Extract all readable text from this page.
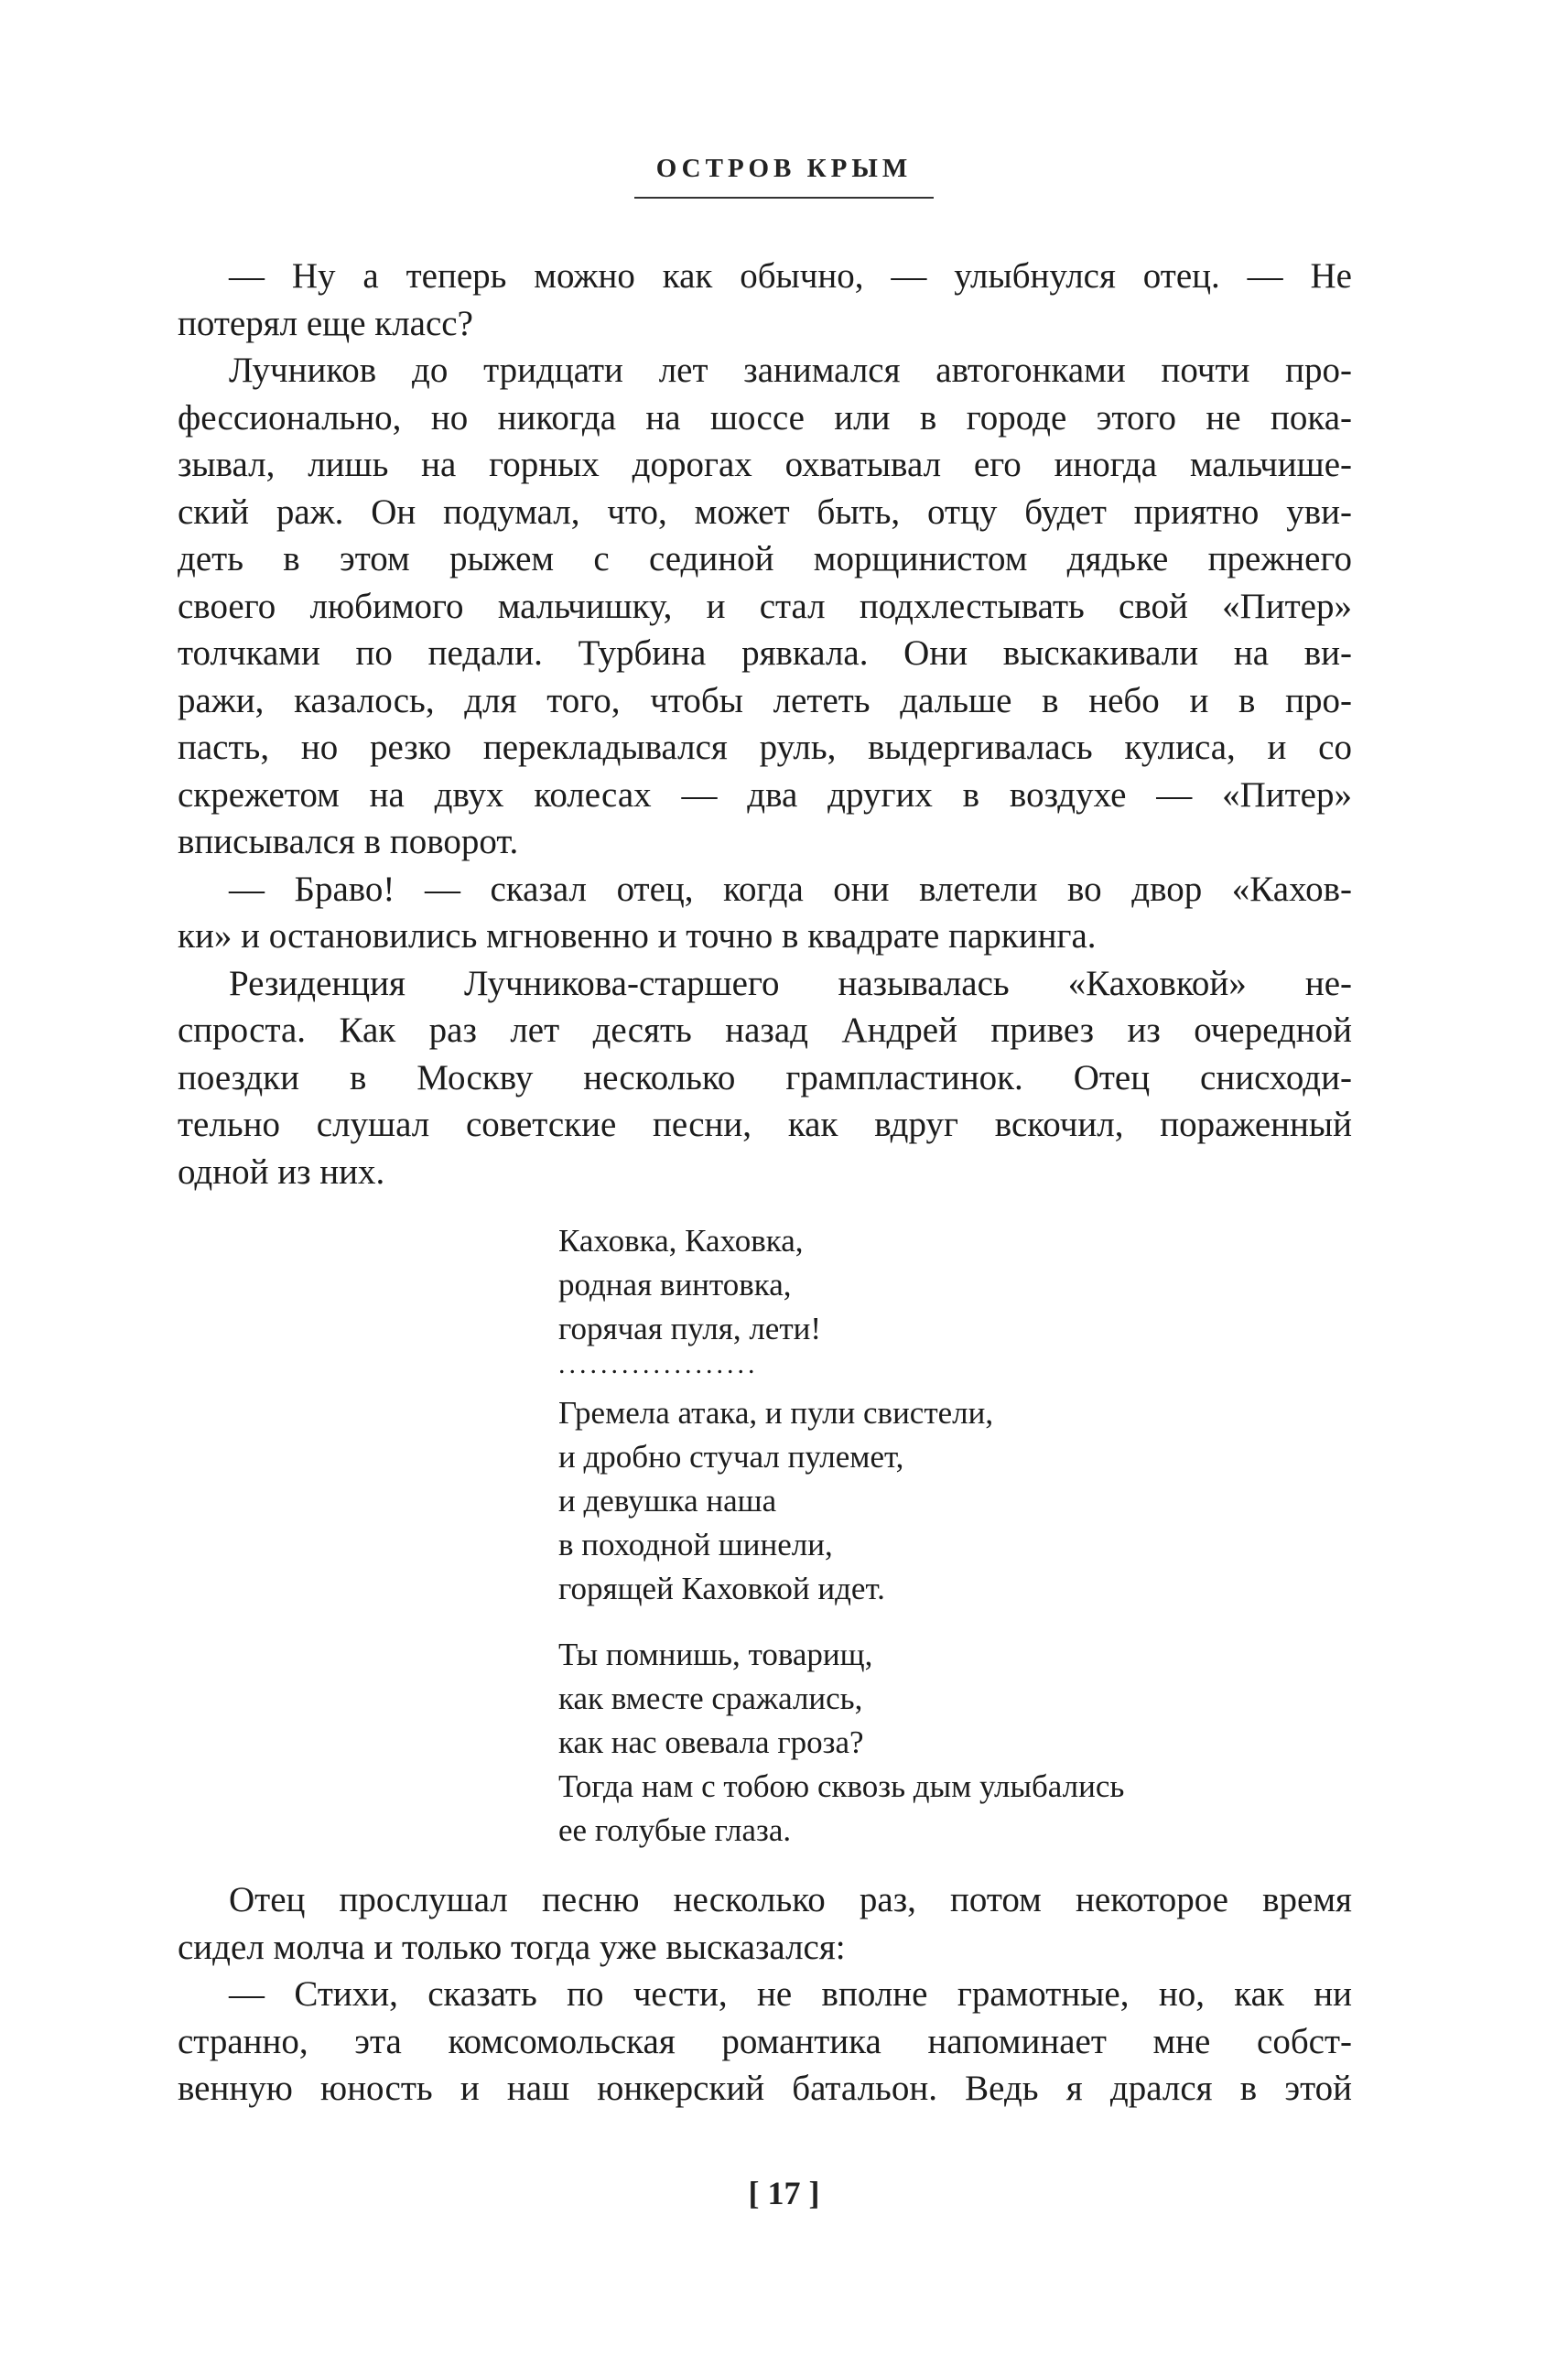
ОСТРОВ КРЫМ
— Ну а теперь можно как обычно, — улыбнулся отец. — Не
потерял еще класс?
Лучников до тридцати лет занимался автогонками почти про-
фессионально, но никогда на шоссе или в городе этого не пока-
зывал, лишь на горных дорогах охватывал его иногда мальчише-
ский раж. Он подумал, что, может быть, отцу будет приятно уви-
деть в этом рыжем с сединой морщинистом дядьке прежнего
своего любимого мальчишку, и стал подхлестывать свой «Питер»
толчками по педали. Турбина рявкала. Они выскакивали на ви-
ражи, казалось, для того, чтобы лететь дальше в небо и в про-
пасть, но резко перекладывался руль, выдергивалась кулиса, и со
скрежетом на двух колесах — два других в воздухе — «Питер»
вписывался в поворот.
— Браво! — сказал отец, когда они влетели во двор «Кахов-
ки» и остановились мгновенно и точно в квадрате паркинга.
Резиденция Лучникова-старшего называлась «Каховкой» не-
спроста. Как раз лет десять назад Андрей привез из очередной
поездки в Москву несколько грампластинок. Отец снисходи-
тельно слушал советские песни, как вдруг вскочил, пораженный
одной из них.
Каховка, Каховка,
родная винтовка,
горячая пуля, лети!
...................
Гремела атака, и пули свистели,
и дробно стучал пулемет,
и девушка наша
в походной шинели,
горящей Каховкой идет.
Ты помнишь, товарищ,
как вместе сражались,
как нас овевала гроза?
Тогда нам с тобою сквозь дым улыбались
ее голубые глаза.
Отец прослушал песню несколько раз, потом некоторое время
сидел молча и только тогда уже высказался:
— Стихи, сказать по чести, не вполне грамотные, но, как ни
странно, эта комсомольская романтика напоминает мне собст-
венную юность и наш юнкерский батальон. Ведь я дрался в этой
[ 17 ]
